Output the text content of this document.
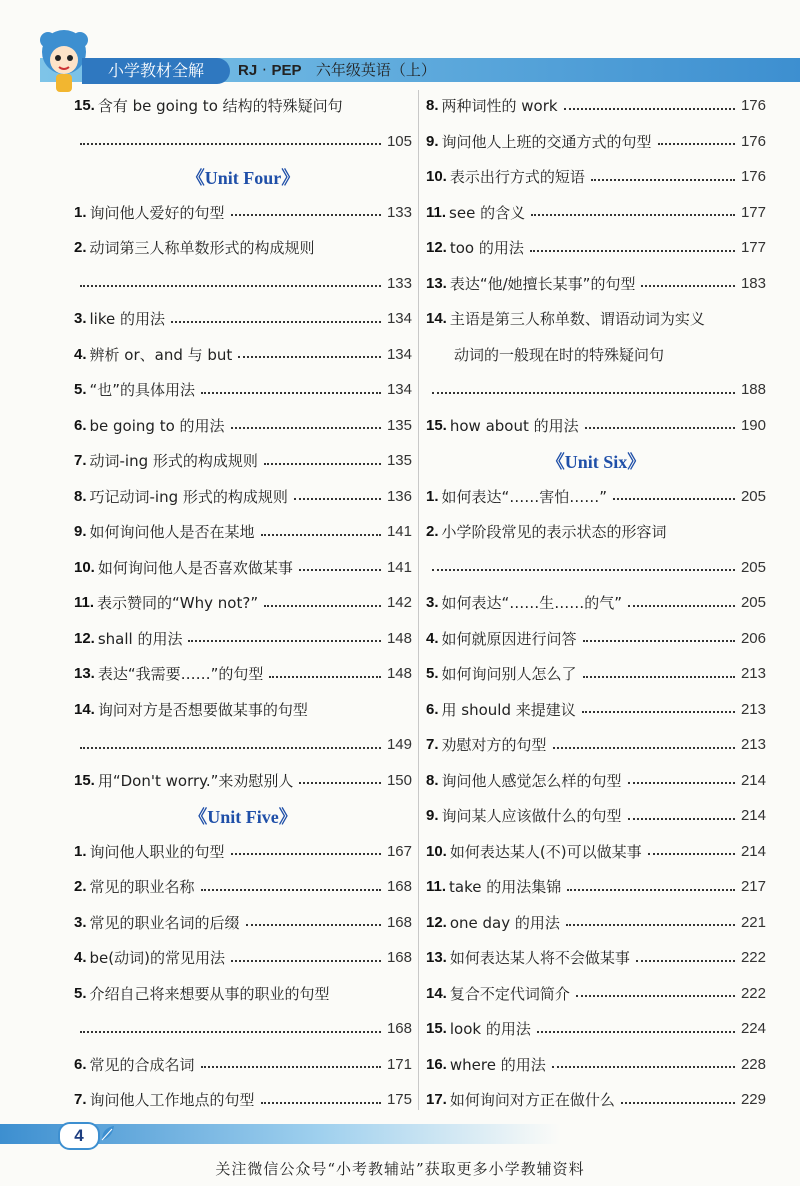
小学教材全解	RJ · PEP 六年级英语（上）
15. 含有 be going to 结构的特殊疑问句
105
《Unit Four》
1. 询问他人爱好的句型	133
2. 动词第三人称单数形式的构成规则
133
3. like 的用法	134
4. 辨析 or、and 与 but	134
5. “也”的具体用法	134
6. be going to 的用法	135
7. 动词-ing 形式的构成规则	135
8. 巧记动词-ing 形式的构成规则	136
9. 如何询问他人是否在某地	141
10. 如何询问他人是否喜欢做某事	141
11. 表示赞同的“Why not?”	142
12. shall 的用法	148
13. 表达“我需要……”的句型	148
14. 询问对方是否想要做某事的句型
149
15. 用“Don't worry.”来劝慰别人	150
《Unit Five》
1. 询问他人职业的句型	167
2. 常见的职业名称	168
3. 常见的职业名词的后缀	168
4. be(动词)的常见用法	168
5. 介绍自己将来想要从事的职业的句型
168
6. 常见的合成名词	171
7. 询问他人工作地点的句型	175
8. 两种词性的 work	176
9. 询问他人上班的交通方式的句型	176
10. 表示出行方式的短语	176
11. see 的含义	177
12. too 的用法	177
13. 表达“他/她擅长某事”的句型	183
14. 主语是第三人称单数、谓语动词为实义
动词的一般现在时的特殊疑问句
188
15. how about 的用法	190
《Unit Six》
1. 如何表达“……害怕……”	205
2. 小学阶段常见的表示状态的形容词
205
3. 如何表达“……生……的气”	205
4. 如何就原因进行问答	206
5. 如何询问别人怎么了	213
6. 用 should 来提建议	213
7. 劝慰对方的句型	213
8. 询问他人感觉怎么样的句型	214
9. 询问某人应该做什么的句型	214
10. 如何表达某人(不)可以做某事	214
11. take 的用法集锦	217
12. one day 的用法	221
13. 如何表达某人将不会做某事	222
14. 复合不定代词简介	222
15. look 的用法	224
16. where 的用法	228
17. 如何询问对方正在做什么	229
4
关注微信公众号“小考教辅站”获取更多小学教辅资料
